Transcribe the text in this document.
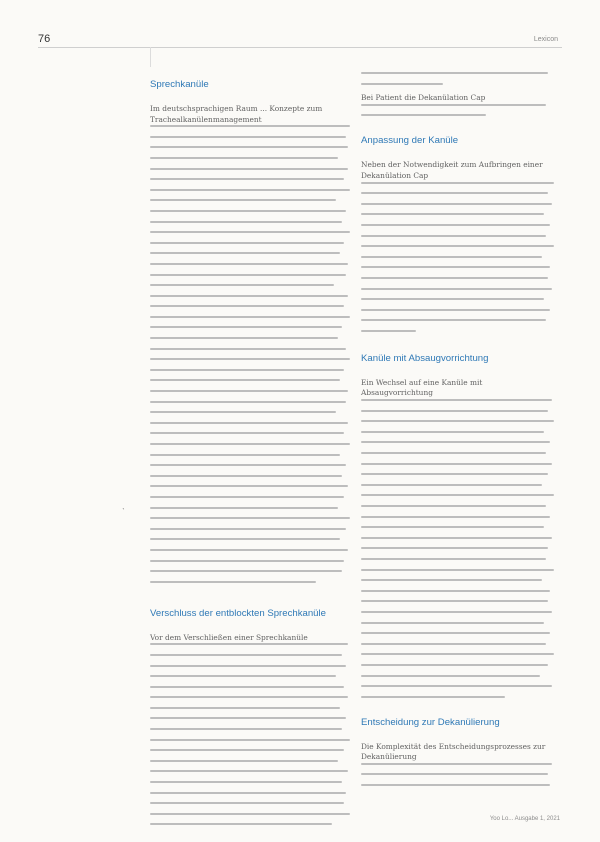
76	Lexicon
Sprechkanüle
Im deutschsprachigen Raum ... Konzepte zum Trachealkanülenmanagement
Verschluss der entblockten Sprechkanüle
Vor dem Verschließen einer Sprechkanüle
`
Bei Patient die Dekanülation Cap
Anpassung der Kanüle
Neben der Notwendigkeit zum Aufbringen einer Dekanülation Cap
Kanüle mit Absaugvorrichtung
Ein Wechsel auf eine Kanüle mit Absaugvorrichtung
Entscheidung zur Dekanülierung
Die Komplexität des Entscheidungsprozesses zur Dekanülierung
Yoo Lo... Ausgabe 1, 2021
